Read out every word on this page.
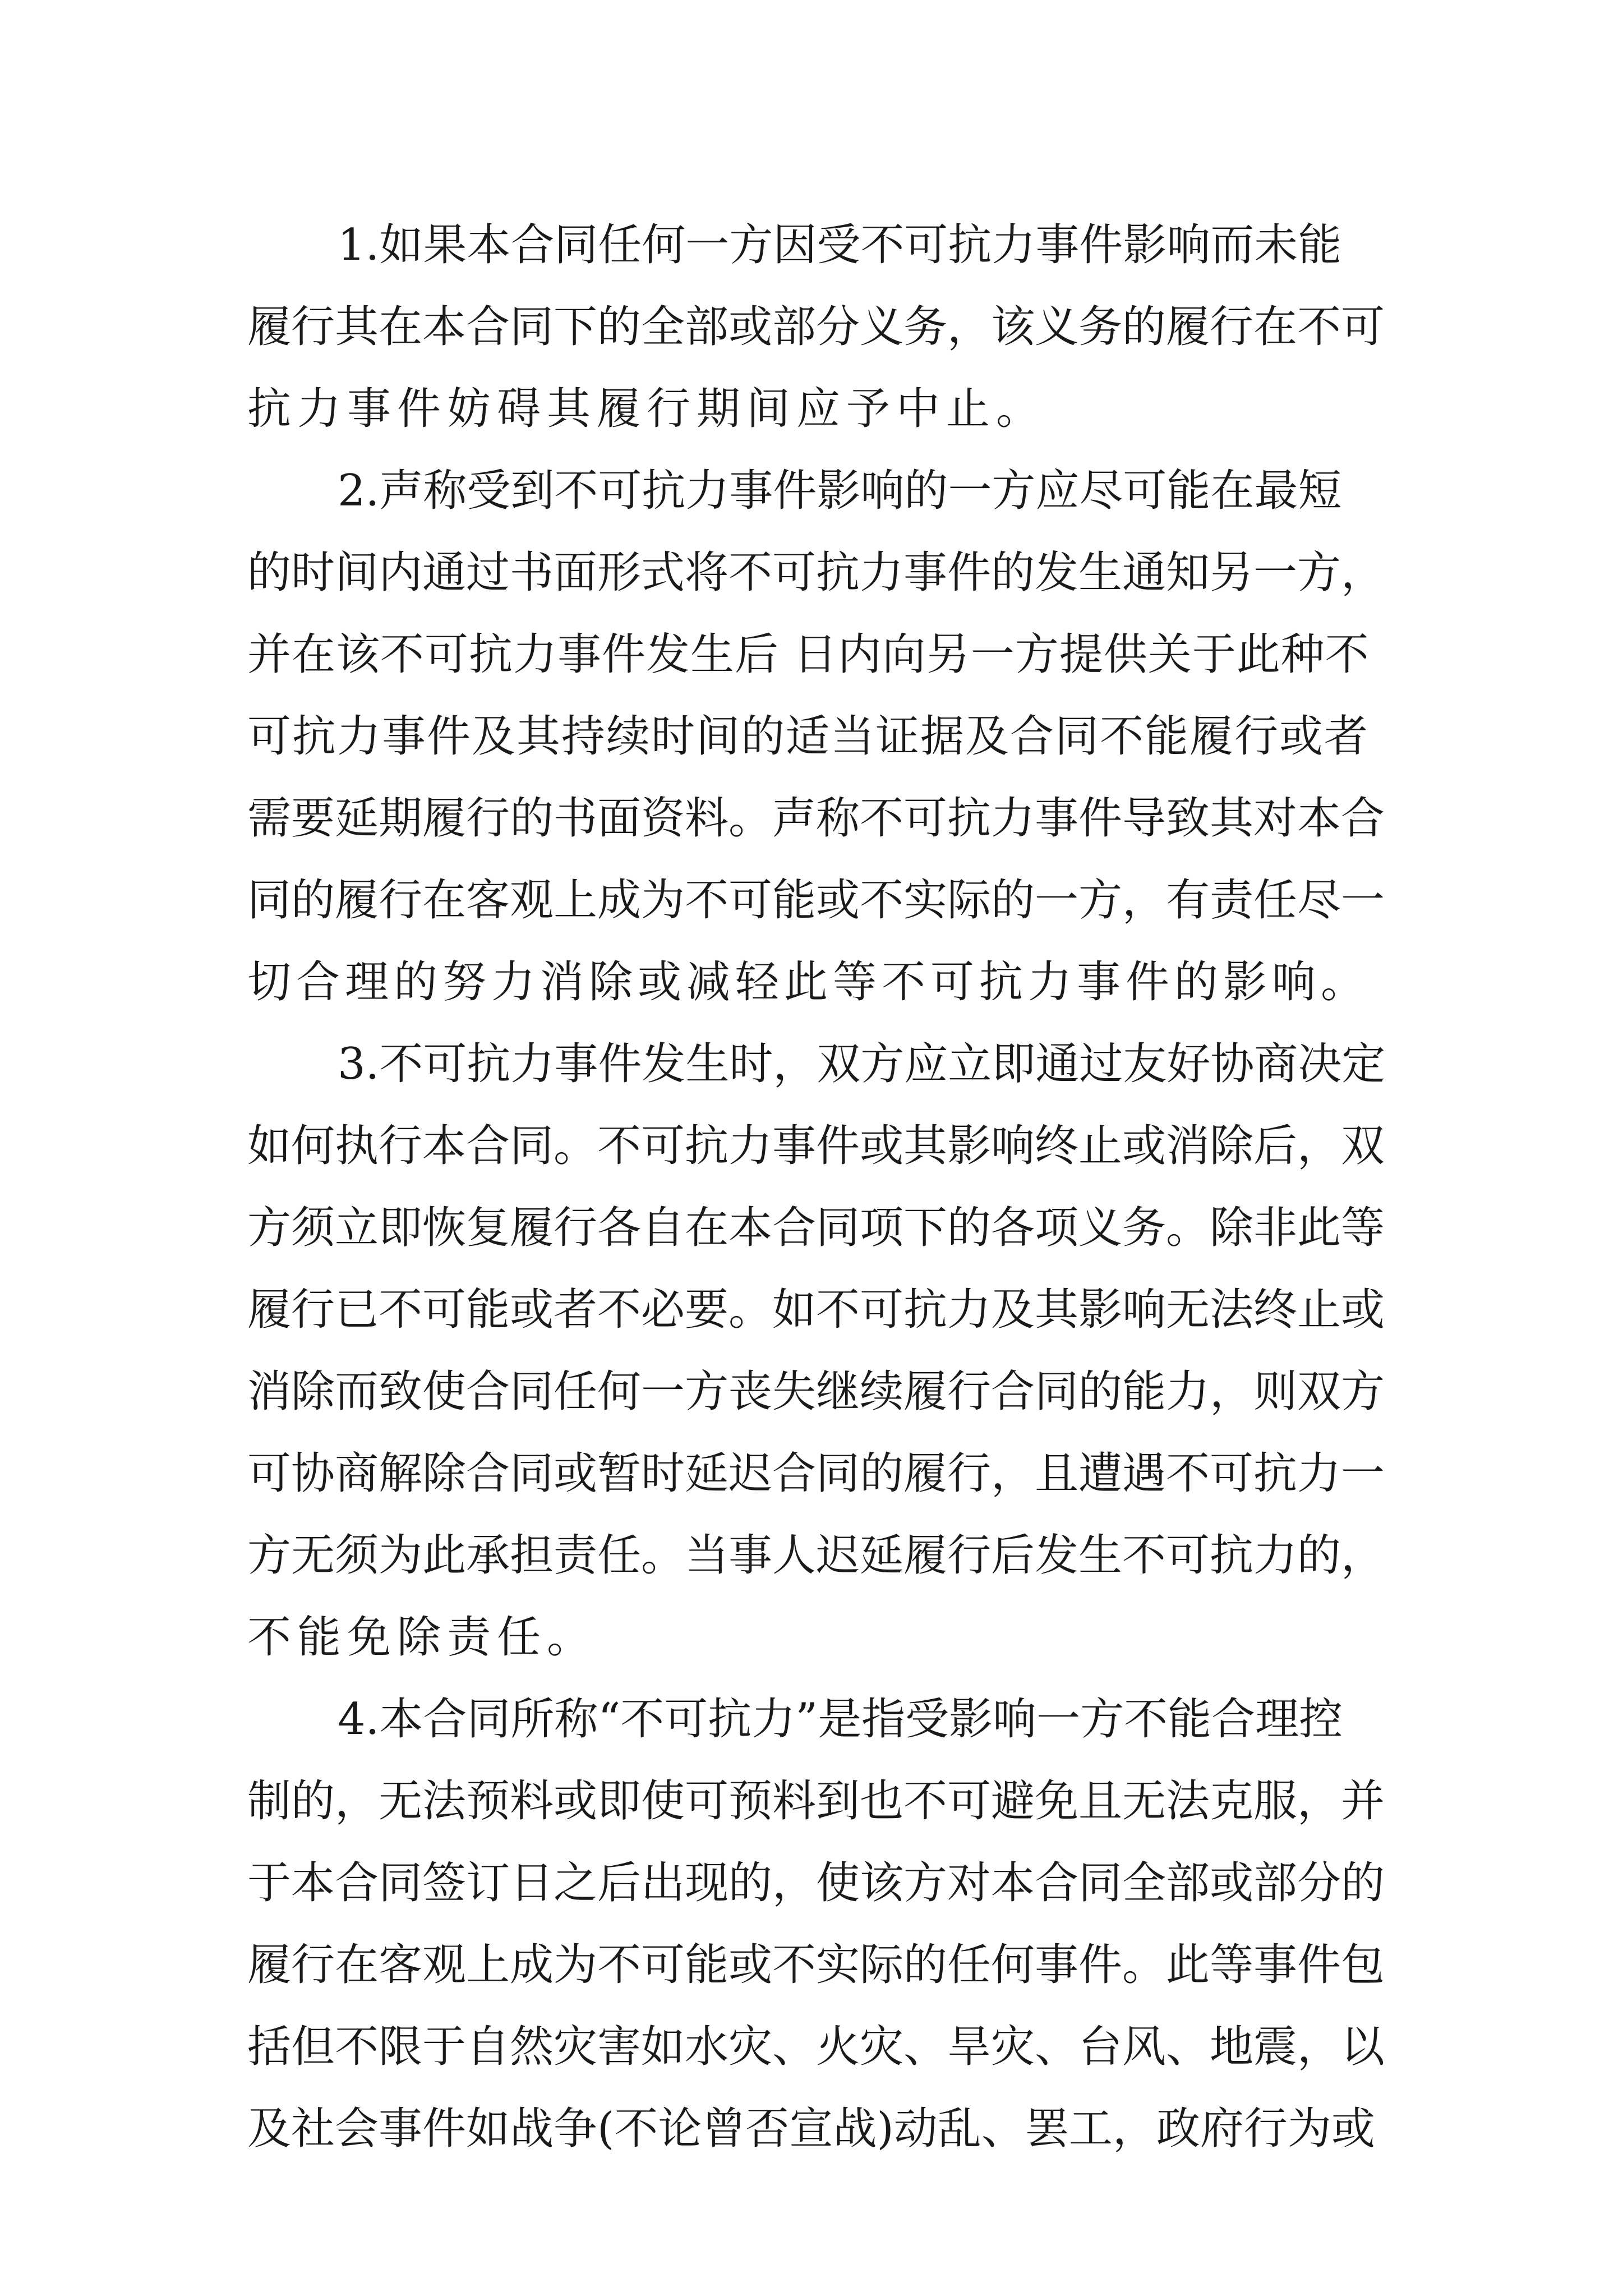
1.如果本合同任何一方因受不可抗力事件影响而未能
履行其在本合同下的全部或部分义务，该义务的履行在不可
抗力事件妨碍其履行期间应予中止。
2.声称受到不可抗力事件影响的一方应尽可能在最短
的时间内通过书面形式将不可抗力事件的发生通知另一方，
并在该不可抗力事件发生后 日内向另一方提供关于此种不
可抗力事件及其持续时间的适当证据及合同不能履行或者
需要延期履行的书面资料。声称不可抗力事件导致其对本合
同的履行在客观上成为不可能或不实际的一方，有责任尽一
切合理的努力消除或减轻此等不可抗力事件的影响。
3.不可抗力事件发生时，双方应立即通过友好协商决定
如何执行本合同。不可抗力事件或其影响终止或消除后，双
方须立即恢复履行各自在本合同项下的各项义务。除非此等
履行已不可能或者不必要。如不可抗力及其影响无法终止或
消除而致使合同任何一方丧失继续履行合同的能力，则双方
可协商解除合同或暂时延迟合同的履行，且遭遇不可抗力一
方无须为此承担责任。当事人迟延履行后发生不可抗力的，
不能免除责任。
4.本合同所称“不可抗力”是指受影响一方不能合理控
制的，无法预料或即使可预料到也不可避免且无法克服，并
于本合同签订日之后出现的，使该方对本合同全部或部分的
履行在客观上成为不可能或不实际的任何事件。此等事件包
括但不限于自然灾害如水灾、火灾、旱灾、台风、地震，以
及社会事件如战争(不论曾否宣战)动乱、罢工，政府行为或
